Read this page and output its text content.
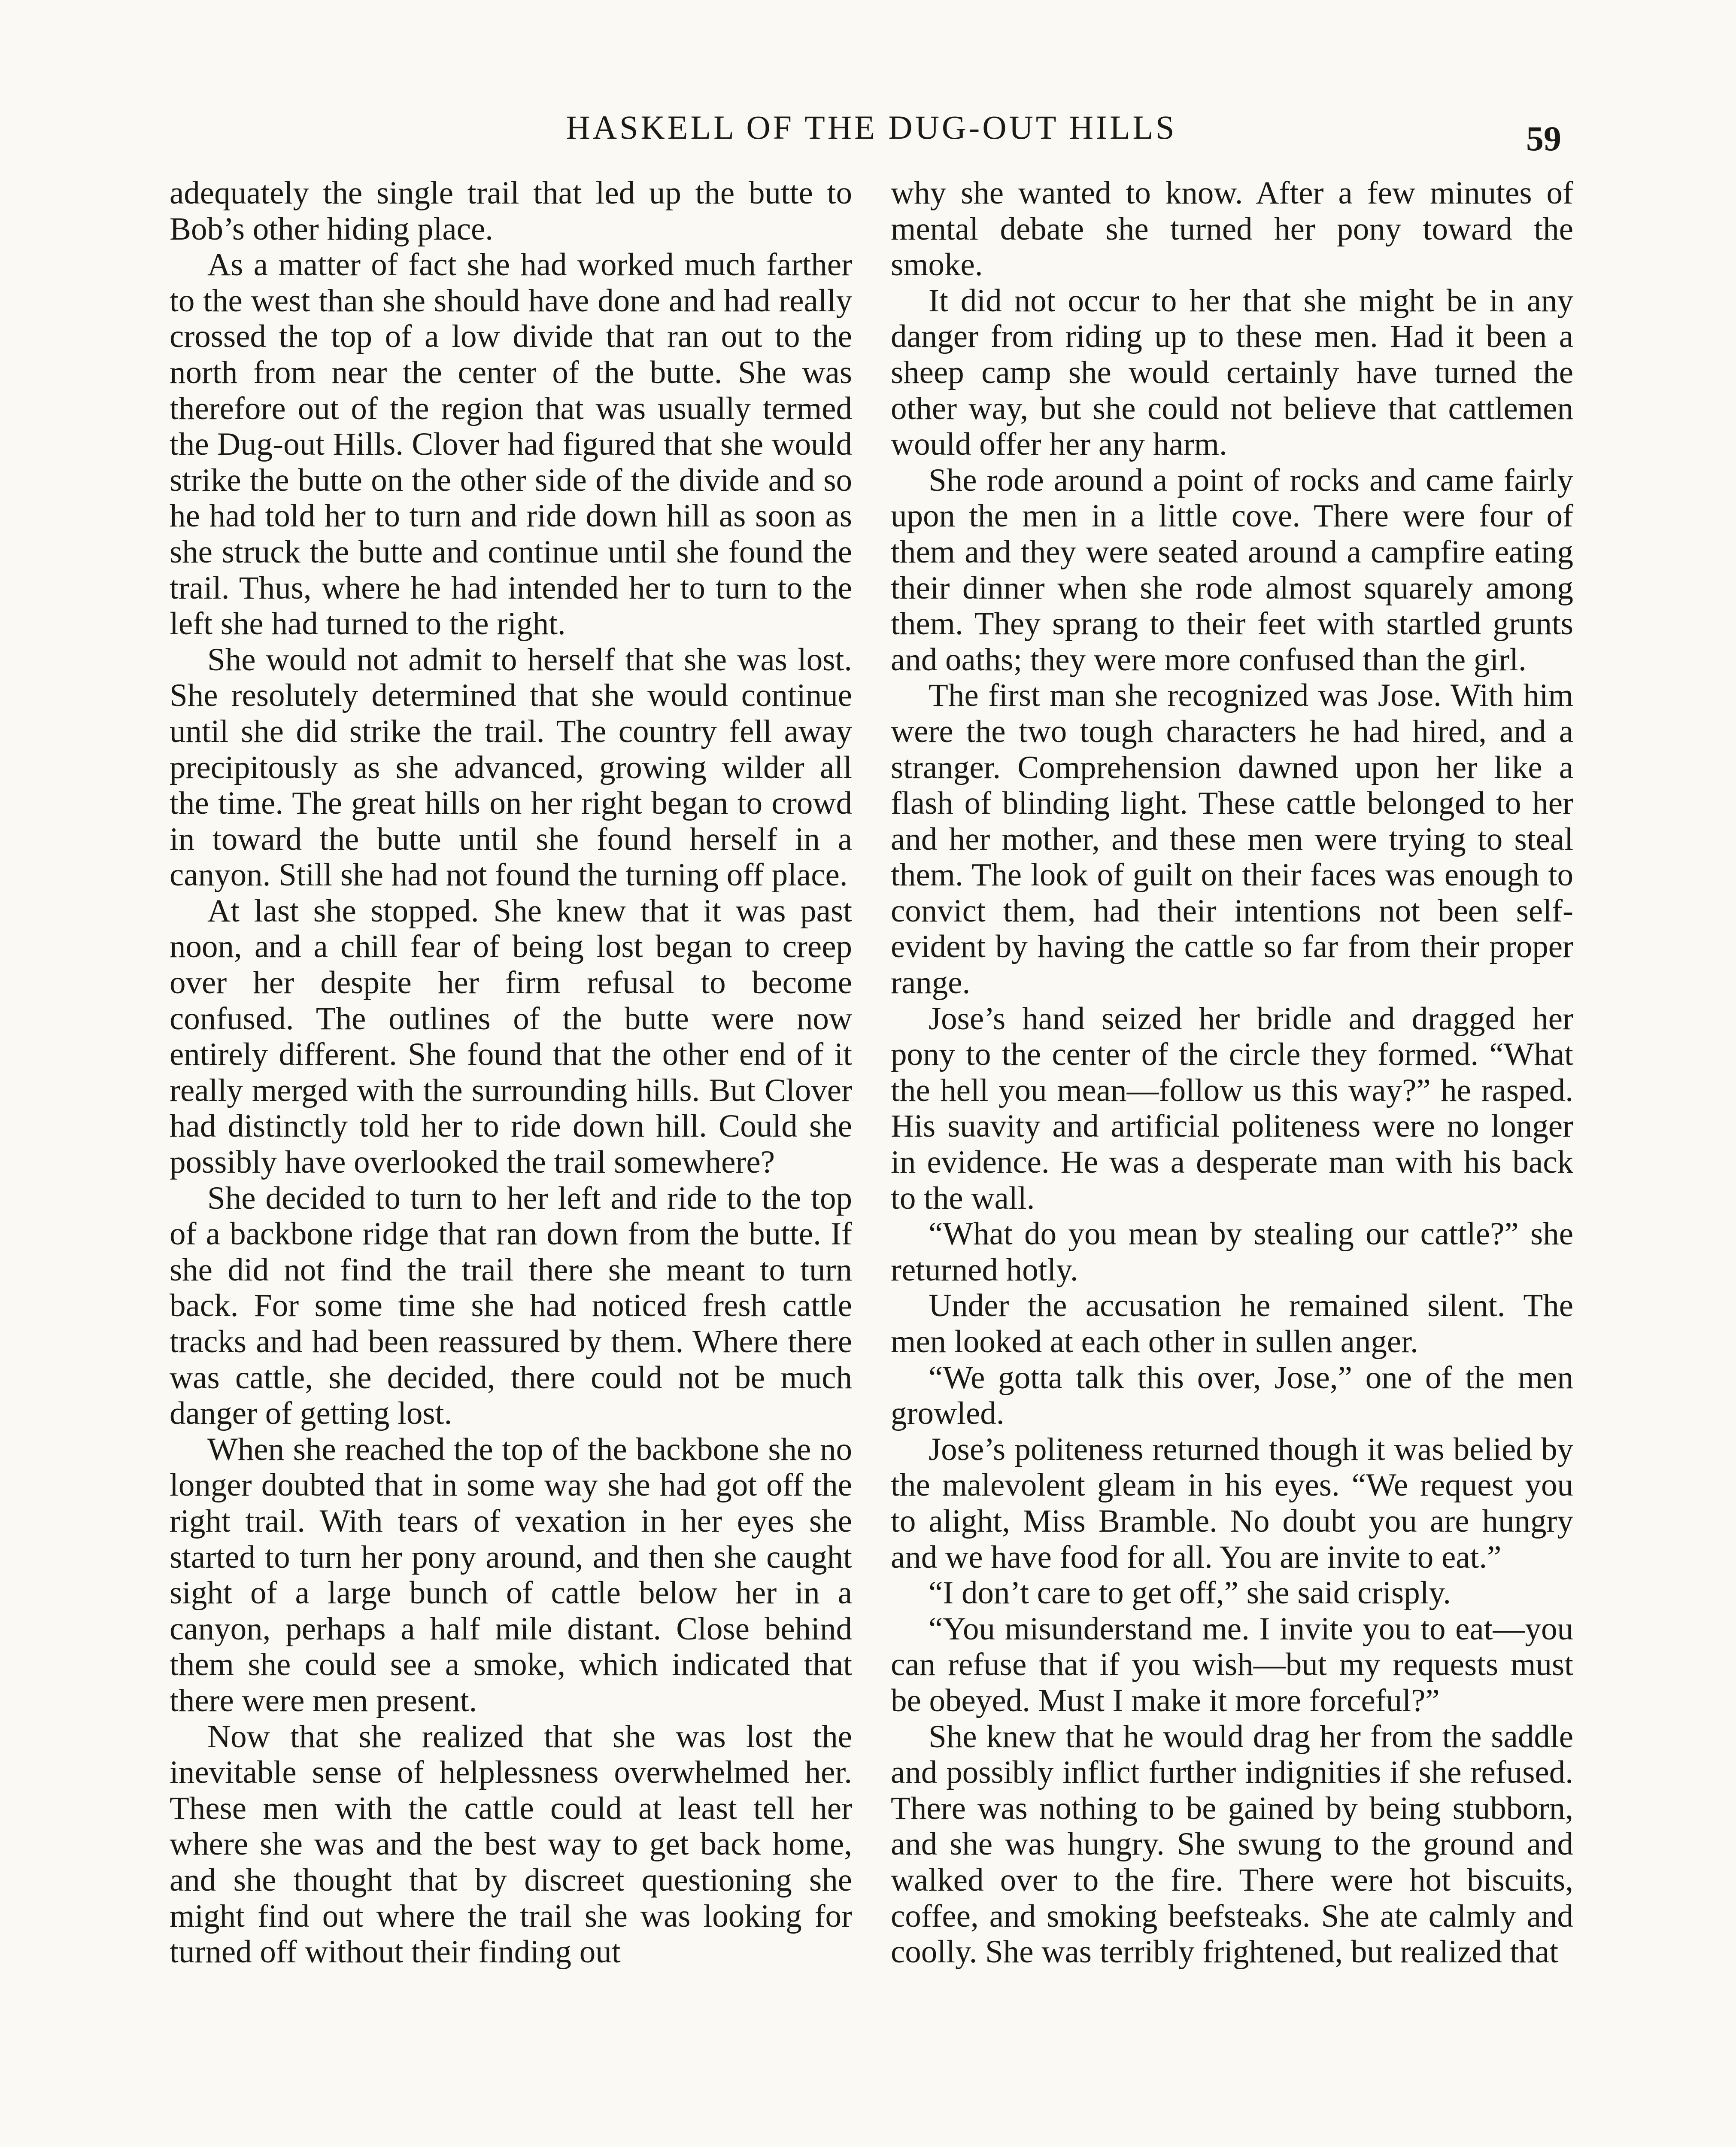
HASKELL OF THE DUG-OUT HILLS	59

adequately the single trail that led up the butte to Bob’s other hiding place.

As a matter of fact she had worked much farther to the west than she should have done and had really crossed the top of a low divide that ran out to the north from near the center of the butte. She was therefore out of the region that was usually termed the Dug-out Hills. Clover had figured that she would strike the butte on the other side of the divide and so he had told her to turn and ride down hill as soon as she struck the butte and continue until she found the trail. Thus, where he had intended her to turn to the left she had turned to the right.

She would not admit to herself that she was lost. She resolutely determined that she would continue until she did strike the trail. The country fell away precipitously as she advanced, growing wilder all the time. The great hills on her right began to crowd in toward the butte until she found herself in a canyon. Still she had not found the turning off place.

At last she stopped. She knew that it was past noon, and a chill fear of being lost began to creep over her despite her firm refusal to become confused. The outlines of the butte were now entirely different. She found that the other end of it really merged with the surrounding hills. But Clover had distinctly told her to ride down hill. Could she possibly have overlooked the trail somewhere?

She decided to turn to her left and ride to the top of a backbone ridge that ran down from the butte. If she did not find the trail there she meant to turn back. For some time she had noticed fresh cattle tracks and had been reassured by them. Where there was cattle, she decided, there could not be much danger of getting lost.

When she reached the top of the backbone she no longer doubted that in some way she had got off the right trail. With tears of vexation in her eyes she started to turn her pony around, and then she caught sight of a large bunch of cattle below her in a canyon, perhaps a half mile distant. Close behind them she could see a smoke, which indicated that there were men present.

Now that she realized that she was lost the inevitable sense of helplessness overwhelmed her. These men with the cattle could at least tell her where she was and the best way to get back home, and she thought that by discreet questioning she might find out where the trail she was looking for turned off without their finding out

why she wanted to know. After a few minutes of mental debate she turned her pony toward the smoke.

It did not occur to her that she might be in any danger from riding up to these men. Had it been a sheep camp she would certainly have turned the other way, but she could not believe that cattlemen would offer her any harm.

She rode around a point of rocks and came fairly upon the men in a little cove. There were four of them and they were seated around a campfire eating their dinner when she rode almost squarely among them. They sprang to their feet with startled grunts and oaths; they were more confused than the girl.

The first man she recognized was Jose. With him were the two tough characters he had hired, and a stranger. Comprehension dawned upon her like a flash of blinding light. These cattle belonged to her and her mother, and these men were trying to steal them. The look of guilt on their faces was enough to convict them, had their intentions not been self-evident by having the cattle so far from their proper range.

Jose’s hand seized her bridle and dragged her pony to the center of the circle they formed. “What the hell you mean—follow us this way?” he rasped. His suavity and artificial politeness were no longer in evidence. He was a desperate man with his back to the wall.

“What do you mean by stealing our cattle?” she returned hotly.

Under the accusation he remained silent. The men looked at each other in sullen anger.

“We gotta talk this over, Jose,” one of the men growled.

Jose’s politeness returned though it was belied by the malevolent gleam in his eyes. “We request you to alight, Miss Bramble. No doubt you are hungry and we have food for all. You are invite to eat.”

“I don’t care to get off,” she said crisply.

“You misunderstand me. I invite you to eat—you can refuse that if you wish—but my requests must be obeyed. Must I make it more forceful?”

She knew that he would drag her from the saddle and possibly inflict further indignities if she refused. There was nothing to be gained by being stubborn, and she was hungry. She swung to the ground and walked over to the fire. There were hot biscuits, coffee, and smoking beefsteaks. She ate calmly and coolly. She was terribly frightened, but realized that
